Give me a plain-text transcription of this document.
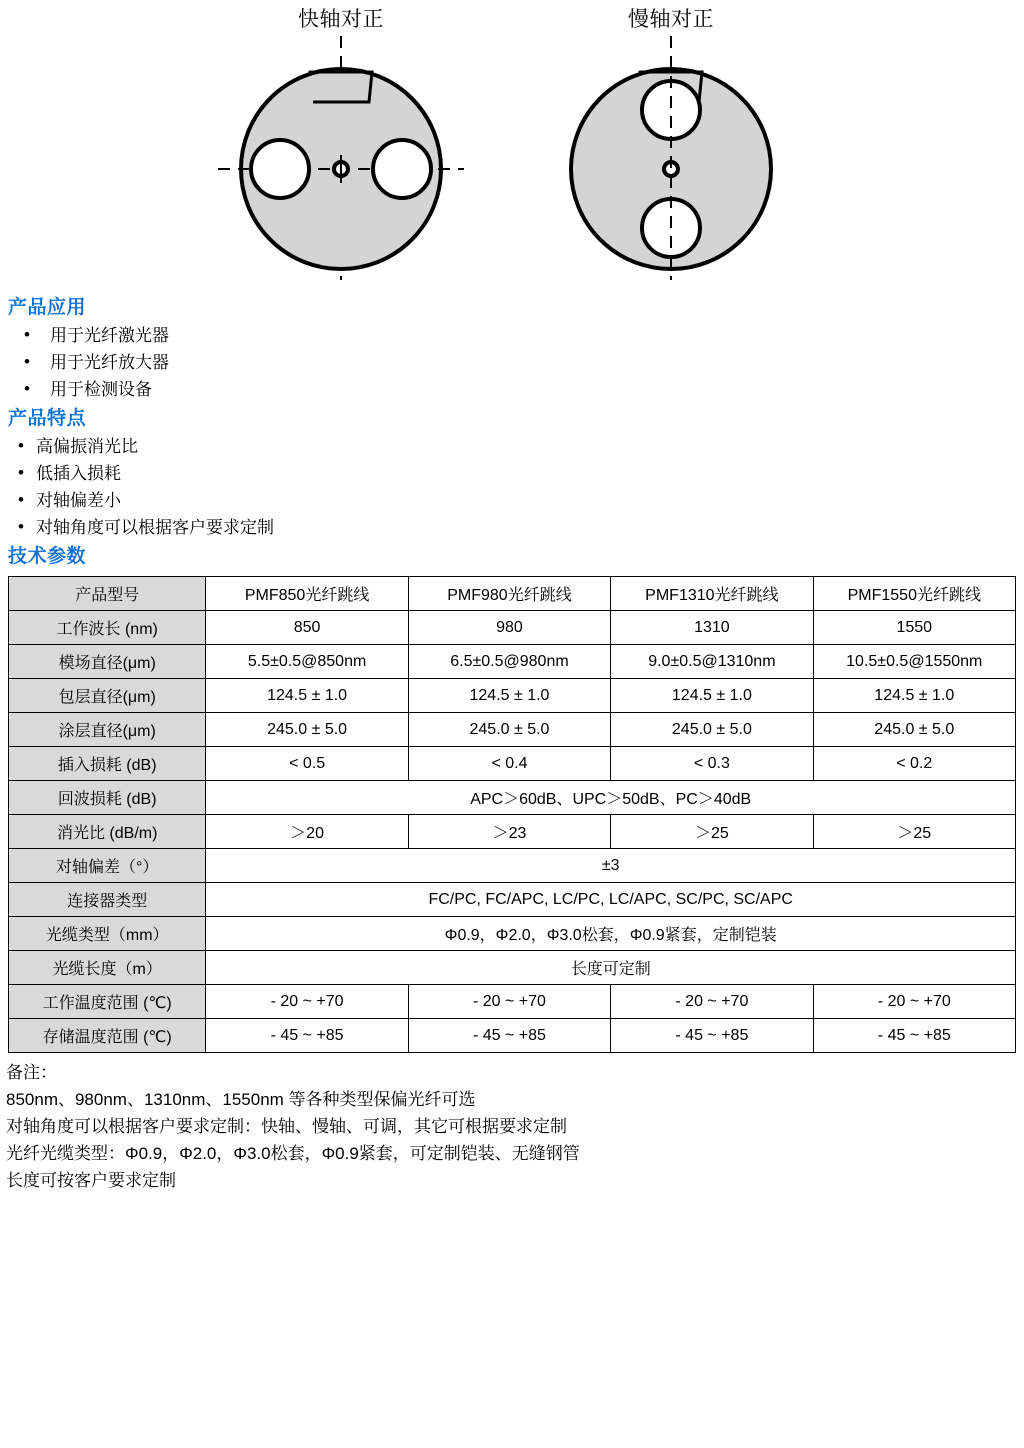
快轴对正	慢轴对正
产品应用
• 用于光纤激光器
• 用于光纤放大器
• 用于检测设备
产品特点
• 高偏振消光比
• 低插入损耗
• 对轴偏差小
• 对轴角度可以根据客户要求定制
技术参数
产品型号	PMF850光纤跳线	PMF980光纤跳线	PMF1310光纤跳线	PMF1550光纤跳线
工作波长 (nm)	850	980	1310	1550
模场直径(μm)	5.5±0.5@850nm	6.5±0.5@980nm	9.0±0.5@1310nm	10.5±0.5@1550nm
包层直径(μm)	124.5 ± 1.0	124.5 ± 1.0	124.5 ± 1.0	124.5 ± 1.0
涂层直径(μm)	245.0 ± 5.0	245.0 ± 5.0	245.0 ± 5.0	245.0 ± 5.0
插入损耗 (dB)	< 0.5	< 0.4	< 0.3	< 0.2
回波损耗 (dB)	APC＞60dB、UPC＞50dB、PC＞40dB			
消光比 (dB/m)	＞20	＞23	＞25	＞25
对轴偏差（°）	±3			
连接器类型	FC/PC, FC/APC, LC/PC, LC/APC, SC/PC, SC/APC			
光缆类型（mm）	Φ0.9，Φ2.0，Φ3.0松套，Φ0.9紧套，定制铠装			
光缆长度（m）	长度可定制			
工作温度范围 (℃)	- 20 ~ +70	- 20 ~ +70	- 20 ~ +70	- 20 ~ +70
存储温度范围 (℃)	- 45 ~ +85	- 45 ~ +85	- 45 ~ +85	- 45 ~ +85
备注：
850nm、980nm、1310nm、1550nm 等各种类型保偏光纤可选
对轴角度可以根据客户要求定制：快轴、慢轴、可调，其它可根据要求定制
光纤光缆类型：Φ0.9，Φ2.0，Φ3.0松套，Φ0.9紧套，可定制铠装、无缝钢管
长度可按客户要求定制
